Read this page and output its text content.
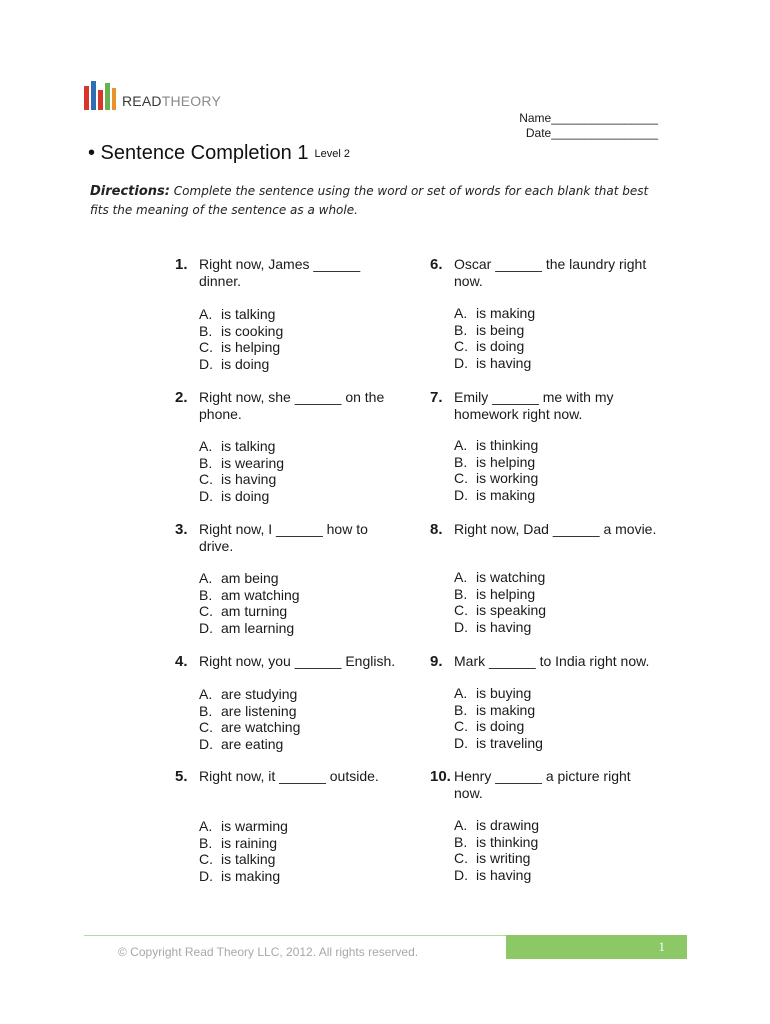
READTHEORY
Name________________
Date________________
• Sentence Completion 1 Level 2
Directions: Complete the sentence using the word or set of words for each blank that best fits the meaning of the sentence as a whole.
1. Right now, James ______ dinner.
A. is talking
B. is cooking
C. is helping
D. is doing
2. Right now, she ______ on the phone.
A. is talking
B. is wearing
C. is having
D. is doing
3. Right now, I ______ how to drive.
A. am being
B. am watching
C. am turning
D. am learning
4. Right now, you ______ English.
A. are studying
B. are listening
C. are watching
D. are eating
5. Right now, it ______ outside.
A. is warming
B. is raining
C. is talking
D. is making
6. Oscar ______ the laundry right now.
A. is making
B. is being
C. is doing
D. is having
7. Emily ______ me with my homework right now.
A. is thinking
B. is helping
C. is working
D. is making
8. Right now, Dad ______ a movie.
A. is watching
B. is helping
C. is speaking
D. is having
9. Mark ______ to India right now.
A. is buying
B. is making
C. is doing
D. is traveling
10. Henry ______ a picture right now.
A. is drawing
B. is thinking
C. is writing
D. is having
© Copyright Read Theory LLC, 2012. All rights reserved.	1
